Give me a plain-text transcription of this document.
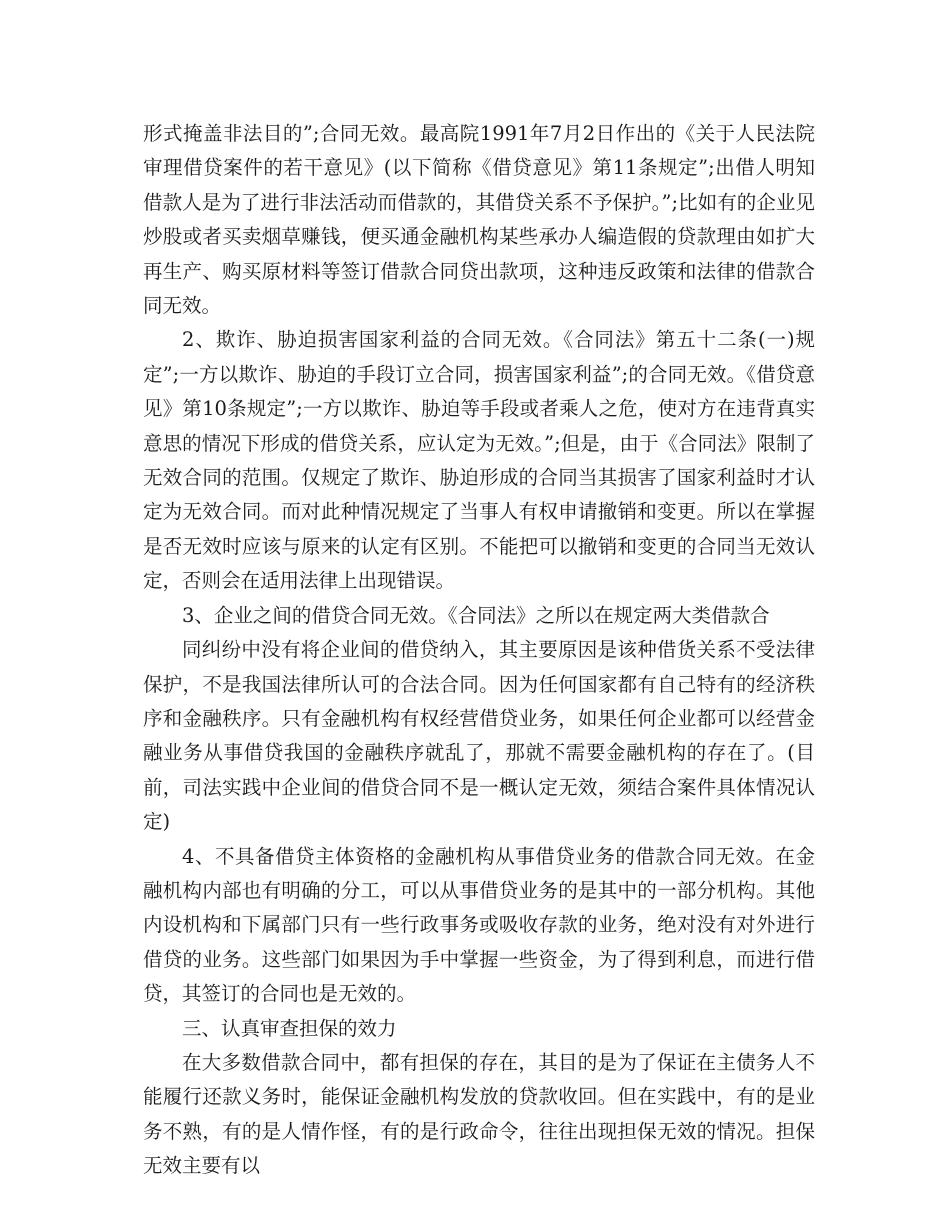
形式掩盖非法目的”;合同无效。最高院1991年7月2日作出的《关于人民法院审理借贷案件的若干意见》(以下简称《借贷意见》第11条规定”;出借人明知借款人是为了进行非法活动而借款的，其借贷关系不予保护。”;比如有的企业见炒股或者买卖烟草赚钱，便买通金融机构某些承办人编造假的贷款理由如扩大再生产、购买原材料等签订借款合同贷出款项，这种违反政策和法律的借款合同无效。

2、欺诈、胁迫损害国家利益的合同无效。《合同法》第五十二条(一)规定”;一方以欺诈、胁迫的手段订立合同，损害国家利益”;的合同无效。《借贷意见》第10条规定”;一方以欺诈、胁迫等手段或者乘人之危，使对方在违背真实意思的情况下形成的借贷关系，应认定为无效。”;但是，由于《合同法》限制了无效合同的范围。仅规定了欺诈、胁迫形成的合同当其损害了国家利益时才认定为无效合同。而对此种情况规定了当事人有权申请撤销和变更。所以在掌握是否无效时应该与原来的认定有区别。不能把可以撤销和变更的合同当无效认定，否则会在适用法律上出现错误。

3、企业之间的借贷合同无效。《合同法》之所以在规定两大类借款合

同纠纷中没有将企业间的借贷纳入，其主要原因是该种借货关系不受法律保护，不是我国法律所认可的合法合同。因为任何国家都有自己特有的经济秩序和金融秩序。只有金融机构有权经营借贷业务，如果任何企业都可以经营金融业务从事借贷我国的金融秩序就乱了，那就不需要金融机构的存在了。(目前，司法实践中企业间的借贷合同不是一概认定无效，须结合案件具体情况认定)

4、不具备借贷主体资格的金融机构从事借贷业务的借款合同无效。在金融机构内部也有明确的分工，可以从事借贷业务的是其中的一部分机构。其他内设机构和下属部门只有一些行政事务或吸收存款的业务，绝对没有对外进行借贷的业务。这些部门如果因为手中掌握一些资金，为了得到利息，而进行借贷，其签订的合同也是无效的。

三、认真审查担保的效力

在大多数借款合同中，都有担保的存在，其目的是为了保证在主债务人不能履行还款义务时，能保证金融机构发放的贷款收回。但在实践中，有的是业务不熟，有的是人情作怪，有的是行政命令，往往出现担保无效的情况。担保无效主要有以
